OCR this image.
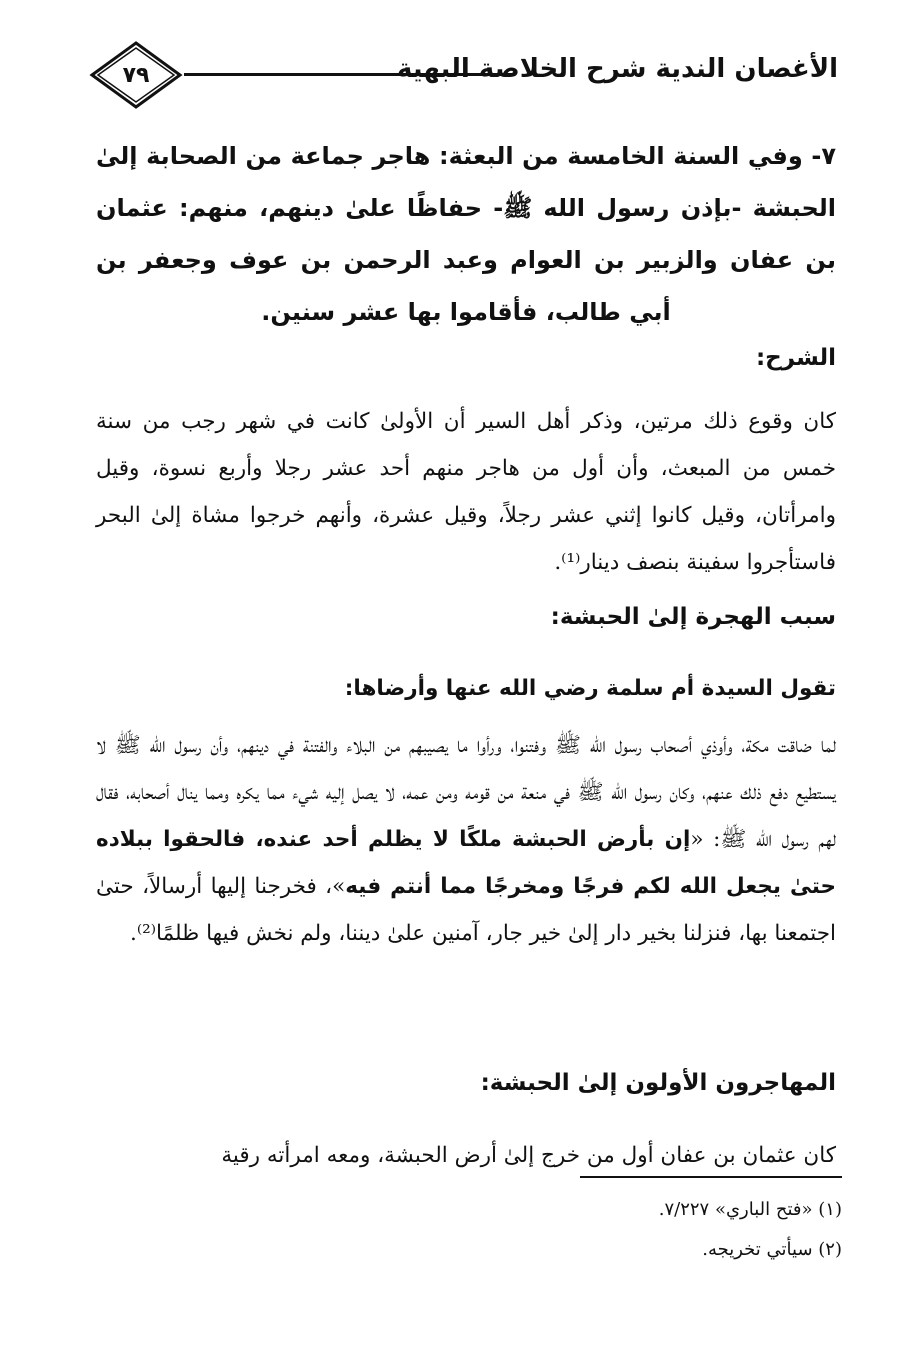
٧٩	الأغصان الندية شرح الخلاصة البهية
٧- وفي السنة الخامسة من البعثة: هاجر جماعة من الصحابة إلىٰ الحبشة -بإذن رسول الله ﷺ- حفاظًا علىٰ دينهم، منهم: عثمان بن عفان والزبير بن العوام وعبد الرحمن بن عوف وجعفر بن أبي طالب، فأقاموا بها عشر سنين.
الشرح:
كان وقوع ذلك مرتين، وذكر أهل السير أن الأولىٰ كانت في شهر رجب من سنة خمس من المبعث، وأن أول من هاجر منهم أحد عشر رجلا وأربع نسوة، وقيل وامرأتان، وقيل كانوا إثني عشر رجلاً، وقيل عشرة، وأنهم خرجوا مشاة إلىٰ البحر فاستأجروا سفينة بنصف دينار⁽¹⁾.
سبب الهجرة إلىٰ الحبشة:
تقول السيدة أم سلمة رضي الله عنها وأرضاها:
لما ضاقت مكة، وأوذي أصحاب رسول الله ﷺ وفتنوا، ورأوا ما يصيبهم من البلاء والفتنة في دينهم، وأن رسول الله ﷺ لا يستطيع دفع ذلك عنهم، وكان رسول الله ﷺ في منعة من قومه ومن عمه، لا يصل إليه شيء مما يكره ومما ينال أصحابه، فقال لهم رسول الله ﷺ: «إن بأرض الحبشة ملكًا لا يظلم أحد عنده، فالحقوا ببلاده حتىٰ يجعل الله لكم فرجًا ومخرجًا مما أنتم فيه»، فخرجنا إليها أرسالاً، حتىٰ اجتمعنا بها، فنزلنا بخير دار إلىٰ خير جار، آمنين علىٰ ديننا، ولم نخش فيها ظلمًا⁽²⁾.
المهاجرون الأولون إلىٰ الحبشة:
كان عثمان بن عفان أول من خرج إلىٰ أرض الحبشة، ومعه امرأته رقية
(١) «فتح الباري» ٧/٢٢٧.
(٢) سيأتي تخريجه.
